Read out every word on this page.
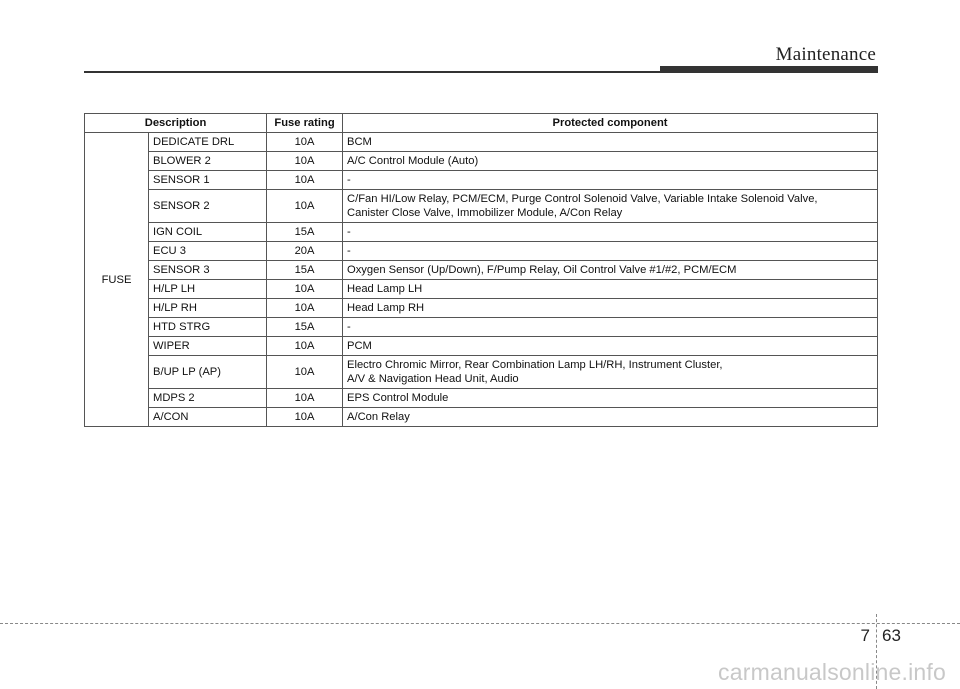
Maintenance
Description		Fuse rating	Protected component
FUSE	DEDICATE DRL	10A	BCM
	BLOWER 2	10A	A/C Control Module (Auto)
	SENSOR 1	10A	-
	SENSOR 2	10A	C/Fan HI/Low Relay, PCM/ECM, Purge Control Solenoid Valve, Variable Intake Solenoid Valve,
Canister Close Valve, Immobilizer Module, A/Con Relay
	IGN COIL	15A	-
	ECU 3	20A	-
	SENSOR 3	15A	Oxygen Sensor (Up/Down), F/Pump Relay, Oil Control Valve #1/#2, PCM/ECM
	H/LP LH	10A	Head Lamp LH
	H/LP RH	10A	Head Lamp RH
	HTD STRG	15A	-
	WIPER	10A	PCM
	B/UP LP (AP)	10A	Electro Chromic Mirror, Rear Combination Lamp LH/RH, Instrument Cluster,
A/V & Navigation Head Unit, Audio
	MDPS 2	10A	EPS Control Module
	A/CON	10A	A/Con Relay
7 63
carmanualsonline.info
